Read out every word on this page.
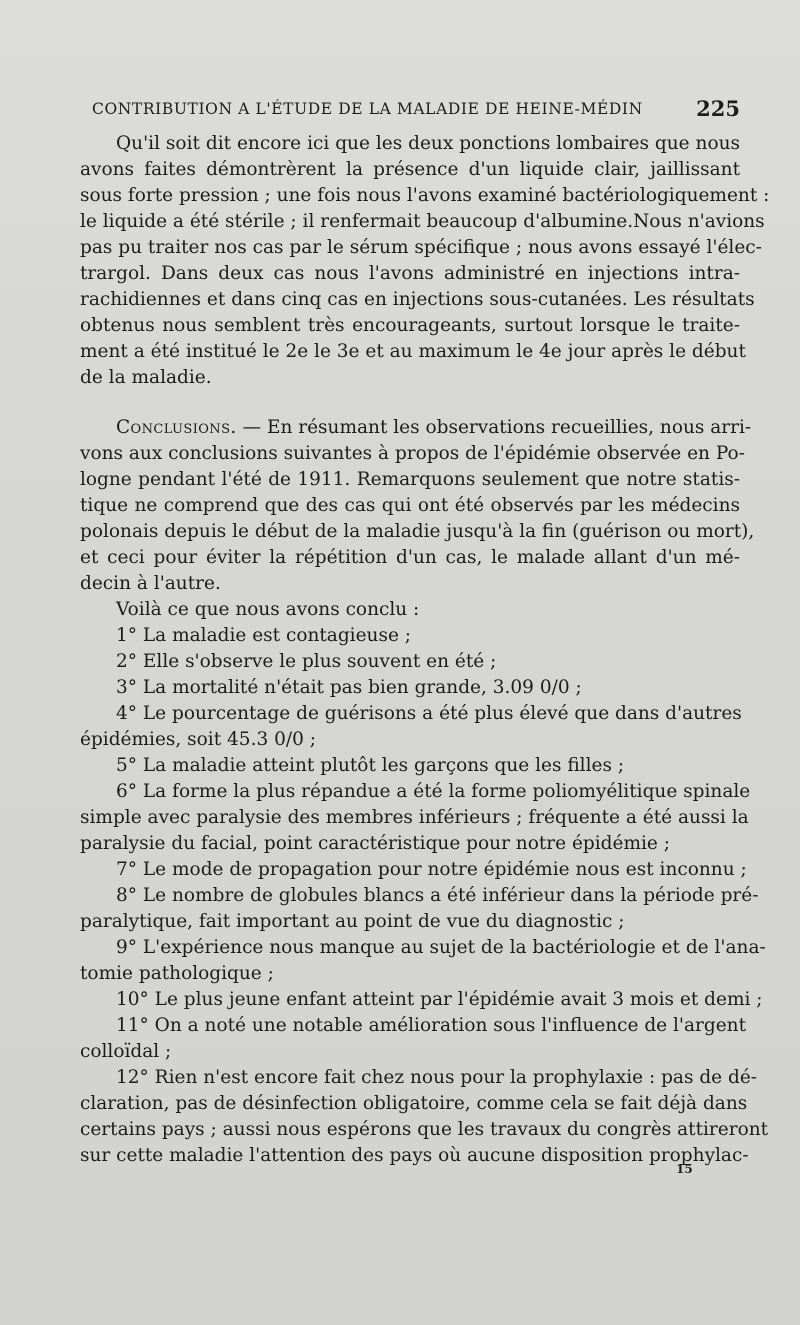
CONTRIBUTION A L'ÉTUDE DE LA MALADIE DE HEINE-MÉDIN	225
Qu'il soit dit encore ici que les deux ponctions lombaires que nous
avons faites démontrèrent la présence d'un liquide clair, jaillissant
sous forte pression ; une fois nous l'avons examiné bactériologiquement :
le liquide a été stérile ; il renfermait beaucoup d'albumine.Nous n'avions
pas pu traiter nos cas par le sérum spécifique ; nous avons essayé l'élec-
trargol. Dans deux cas nous l'avons administré en injections intra-
rachidiennes et dans cinq cas en injections sous-cutanées. Les résultats
obtenus nous semblent très encourageants, surtout lorsque le traite-
ment a été institué le 2e le 3e et au maximum le 4e jour après le début
de la maladie.
Conclusions. — En résumant les observations recueillies, nous arri-
vons aux conclusions suivantes à propos de l'épidémie observée en Po-
logne pendant l'été de 1911. Remarquons seulement que notre statis-
tique ne comprend que des cas qui ont été observés par les médecins
polonais depuis le début de la maladie jusqu'à la fin (guérison ou mort),
et ceci pour éviter la répétition d'un cas, le malade allant d'un mé-
decin à l'autre.
Voilà ce que nous avons conclu :
1° La maladie est contagieuse ;
2° Elle s'observe le plus souvent en été ;
3° La mortalité n'était pas bien grande, 3.09 0/0 ;
4° Le pourcentage de guérisons a été plus élevé que dans d'autres
épidémies, soit 45.3 0/0 ;
5° La maladie atteint plutôt les garçons que les filles ;
6° La forme la plus répandue a été la forme poliomyélitique spinale
simple avec paralysie des membres inférieurs ; fréquente a été aussi la
paralysie du facial, point caractéristique pour notre épidémie ;
7° Le mode de propagation pour notre épidémie nous est inconnu ;
8° Le nombre de globules blancs a été inférieur dans la période pré-
paralytique, fait important au point de vue du diagnostic ;
9° L'expérience nous manque au sujet de la bactériologie et de l'ana-
tomie pathologique ;
10° Le plus jeune enfant atteint par l'épidémie avait 3 mois et demi ;
11° On a noté une notable amélioration sous l'influence de l'argent
colloïdal ;
12° Rien n'est encore fait chez nous pour la prophylaxie : pas de dé-
claration, pas de désinfection obligatoire, comme cela se fait déjà dans
certains pays ; aussi nous espérons que les travaux du congrès attireront
sur cette maladie l'attention des pays où aucune disposition prophylac-
15
